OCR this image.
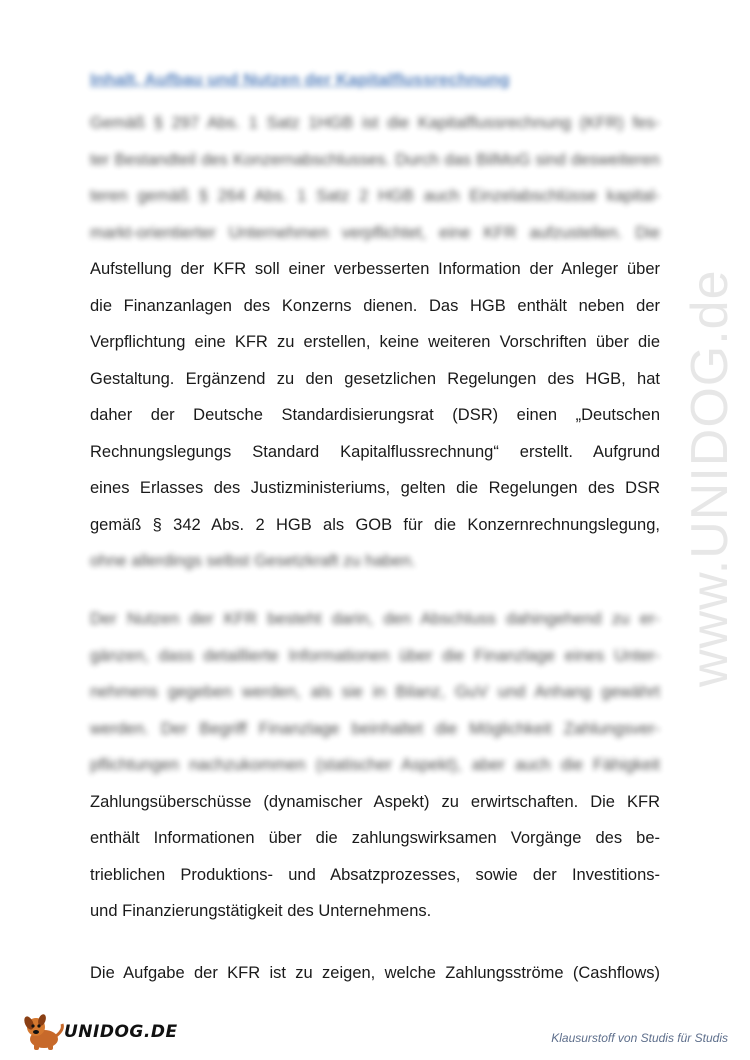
www.UNIDOG.de
Inhalt, Aufbau und Nutzen der Kapitalflussrechnung
Gemäß § 297 Abs. 1 Satz 1HGB ist die Kapitalflussrechnung (KFR) fes-
ter Bestandteil des Konzernabschlusses. Durch das BilMoG sind desweiteren
teren gemäß § 264 Abs. 1 Satz 2 HGB auch Einzelabschlüsse kapital-
markt-orientierter Unternehmen verpflichtet, eine KFR aufzustellen. Die
Aufstellung der KFR soll einer verbesserten Information der Anleger über
die Finanzanlagen des Konzerns dienen. Das HGB enthält neben der
Verpflichtung eine KFR zu erstellen, keine weiteren Vorschriften über die
Gestaltung. Ergänzend zu den gesetzlichen Regelungen des HGB, hat
daher der Deutsche Standardisierungsrat (DSR) einen „Deutschen
Rechnungslegungs Standard Kapitalflussrechnung“ erstellt. Aufgrund
eines Erlasses des Justizministeriums, gelten die Regelungen des DSR
gemäß § 342 Abs. 2 HGB als GOB für die Konzernrechnungslegung,
ohne allerdings selbst Gesetzkraft zu haben.
Der Nutzen der KFR besteht darin, den Abschluss dahingehend zu er-
gänzen, dass detaillierte Informationen über die Finanzlage eines Unter-
nehmens gegeben werden, als sie in Bilanz, GuV und Anhang gewährt
werden. Der Begriff Finanzlage beinhaltet die Möglichkeit Zahlungsver-
pflichtungen nachzukommen (statischer Aspekt), aber auch die Fähigkeit
Zahlungsüberschüsse (dynamischer Aspekt) zu erwirtschaften. Die KFR
enthält Informationen über die zahlungswirksamen Vorgänge des be-
trieblichen Produktions- und Absatzprozesses, sowie der Investitions-
und Finanzierungstätigkeit des Unternehmens.
Die Aufgabe der KFR ist zu zeigen, welche Zahlungsströme (Cashflows)
UNIDOG.DE	Klausurstoff von Studis für Studis
